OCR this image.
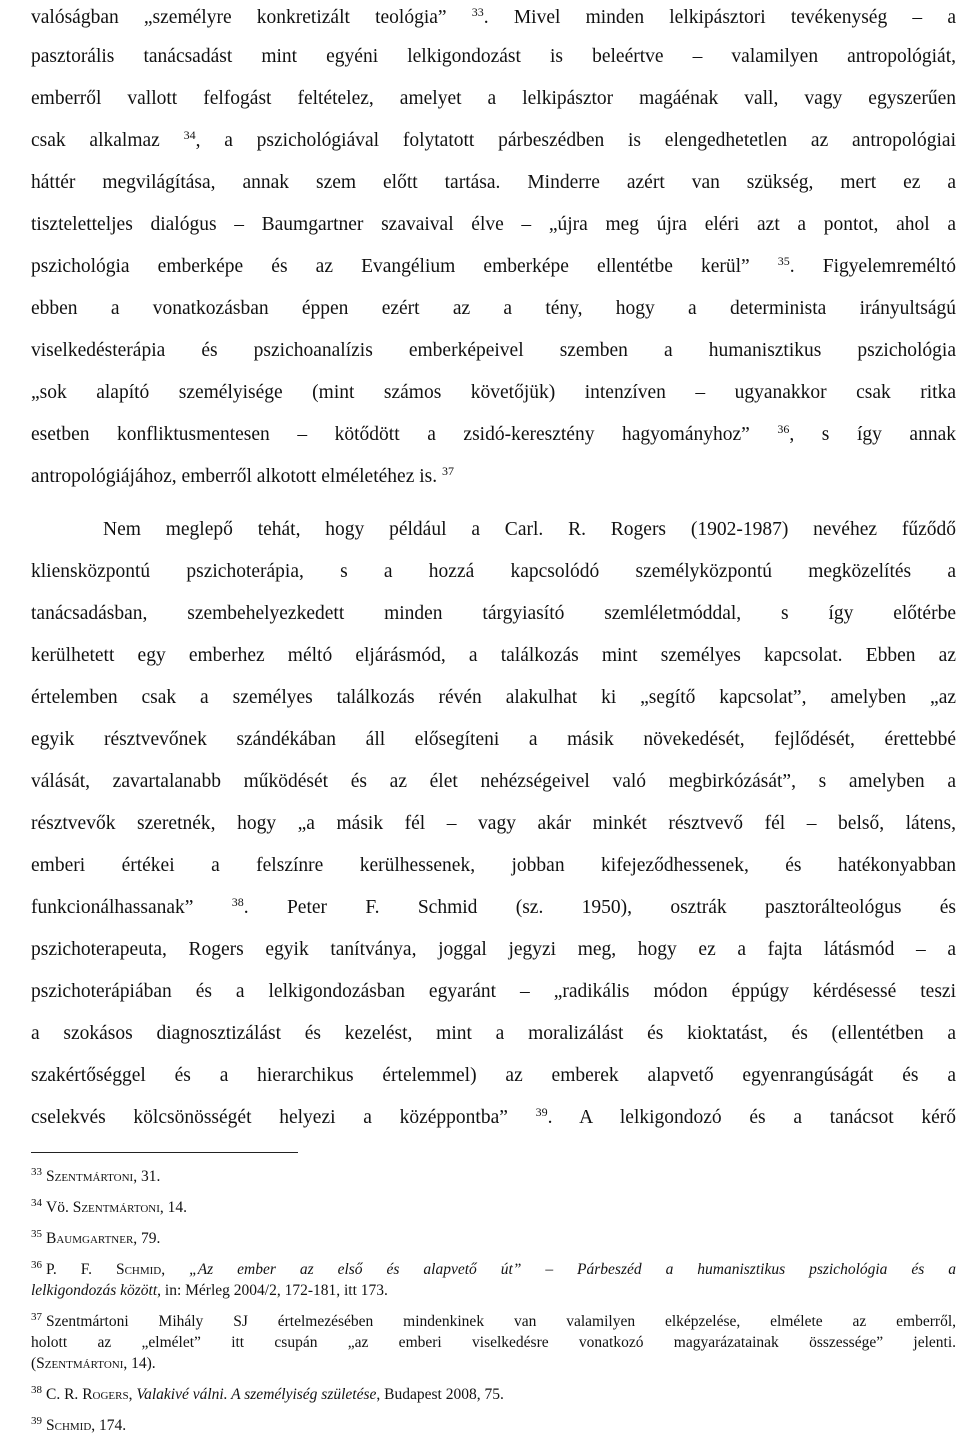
valóságban „személyre konkretizált teológia” $^{33}$. Mivel minden lelkipásztori tevékenység – a
pasztorális tanácsadást mint egyéni lelkigondozást is beleértve – valamilyen antropológiát,
emberről vallott felfogást feltételez, amelyet a lelkipásztor magáénak vall, vagy egyszerűen
csak alkalmaz $^{34}$, a pszichológiával folytatott párbeszédben is elengedhetetlen az antropológiai
háttér megvilágítása, annak szem előtt tartása. Minderre azért van szükség, mert ez a
tiszteletteljes dialógus – Baumgartner szavaival élve – „újra meg újra eléri azt a pontot, ahol a
pszichológia emberképe és az Evangélium emberképe ellentétbe kerül” $^{35}$. Figyelemreméltó
ebben a vonatkozásban éppen ezért az a tény, hogy a determinista irányultságú
viselkedésterápia és pszichoanalízis emberképeivel szemben a humanisztikus pszichológia
„sok alapító személyisége (mint számos követőjük) intenzíven – ugyanakkor csak ritka
esetben konfliktusmentesen – kötődött a zsidó-keresztény hagyományhoz” $^{36}$, s így annak
antropológiájához, emberről alkotott elméletéhez is. $^{37}$
Nem meglepő tehát, hogy például a Carl. R. Rogers (1902-1987) nevéhez fűződő
kliensközpontú pszichoterápia, s a hozzá kapcsolódó személyközpontú megközelítés a
tanácsadásban, szembehelyezkedett minden tárgyiasító szemléletmóddal, s így előtérbe
kerülhetett egy emberhez méltó eljárásmód, a találkozás mint személyes kapcsolat. Ebben az
értelemben csak a személyes találkozás révén alakulhat ki „segítő kapcsolat”, amelyben „az
egyik résztvevőnek szándékában áll elősegíteni a másik növekedését, fejlődését, érettebbé
válását, zavartalanabb működését és az élet nehézségeivel való megbirkózását”, s amelyben a
résztvevők szeretnék, hogy „a másik fél – vagy akár minkét résztvevő fél – belső, látens,
emberi értékei a felszínre kerülhessenek, jobban kifejeződhessenek, és hatékonyabban
funkcionálhassanak” $^{38}$. Peter F. Schmid (sz. 1950), osztrák pasztorálteológus és
pszichoterapeuta, Rogers egyik tanítványa, joggal jegyzi meg, hogy ez a fajta látásmód – a
pszichoterápiában és a lelkigondozásban egyaránt – „radikális módon éppúgy kérdésessé teszi
a szokásos diagnosztizálást és kezelést, mint a moralizálást és kioktatást, és (ellentétben a
szakértőséggel és a hierarchikus értelemmel) az emberek alapvető egyenrangúságát és a
cselekvés kölcsönösségét helyezi a középpontba” $^{39}$. A lelkigondozó és a tanácsot kérő
$^{33}$ Szentmártoni, 31.
$^{34}$ Vö. Szentmártoni, 14.
$^{35}$ Baumgartner, 79.
$^{36}$ P. F. Schmid, „Az ember az első és alapvető út” – Párbeszéd a humanisztikus pszichológia és a
lelkigondozás között, in: Mérleg 2004/2, 172-181, itt 173.
$^{37}$ Szentmártoni Mihály SJ értelmezésében mindenkinek van valamilyen elképzelése, elmélete az emberről,
holott az „elmélet” itt csupán „az emberi viselkedésre vonatkozó magyarázatainak összessége” jelenti.
(Szentmártoni, 14).
$^{38}$ C. R. Rogers, Valakivé válni. A személyiség születése, Budapest 2008, 75.
$^{39}$ Schmid, 174.
